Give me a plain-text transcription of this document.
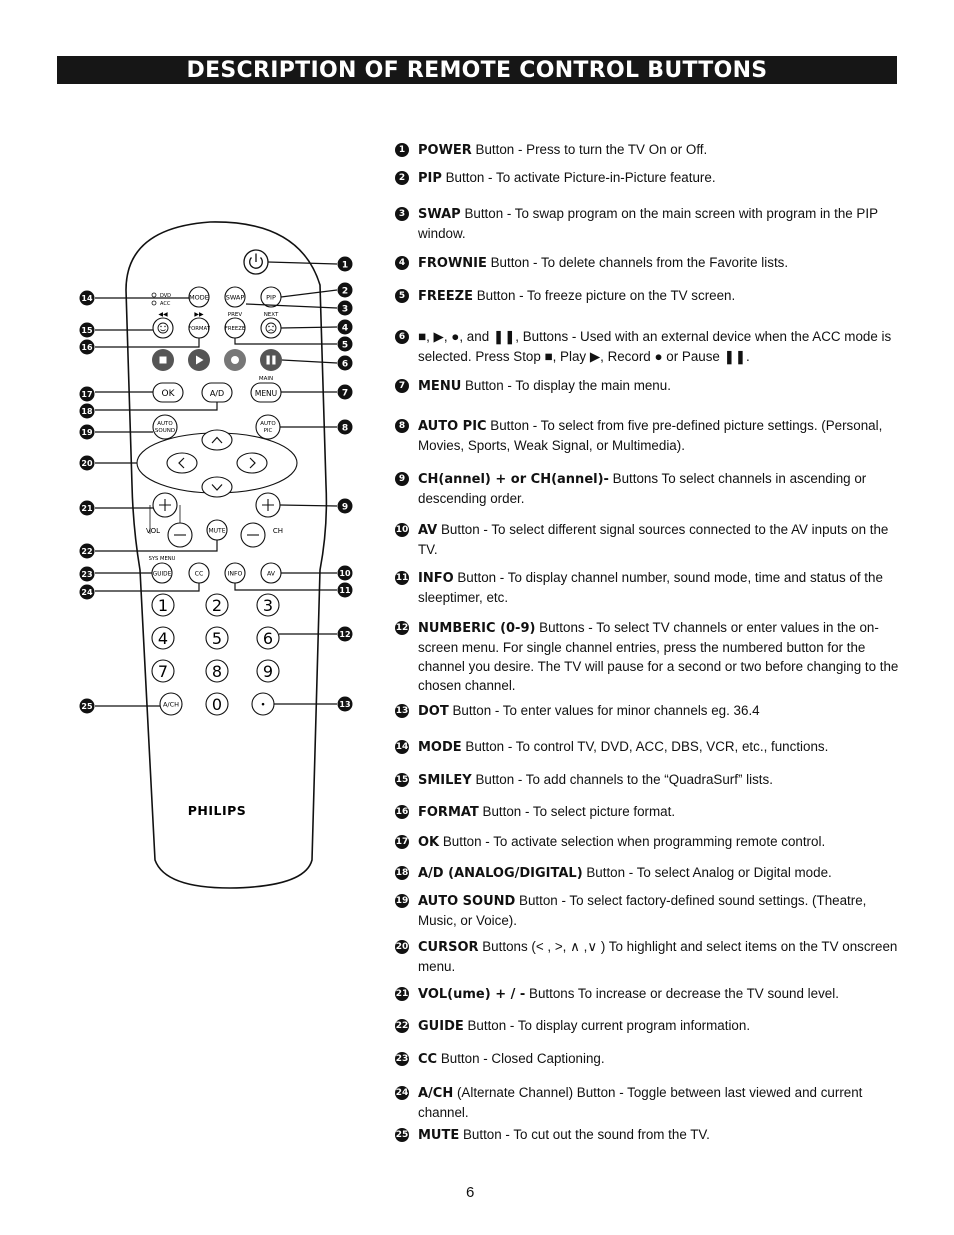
DESCRIPTION OF REMOTE CONTROL BUTTONS
DVD
ACC
MODE	SWAP	PIP
◀◀	▶▶	PREV	NEXT
FORMAT	FREEZE
MAIN
OK	A/D	MENU
AUTO
SOUND
AUTO
PIC
VOL	CH
MUTE
SYS MENU
GUIDE	CC	INFO	AV
1	2	3
4	5	6
7	8	9
A/CH 0	•
PHILIPS
1
2
3
4
5
6
7
8
9
10
11
12
13
14
15
16
17
18
19
20
21
22
23
24
25
1 POWER Button - Press to turn the TV On or Off.
2 PIP Button - To activate Picture-in-Picture feature.
3 SWAP Button - To swap program on the main screen with program in the PIP window.
4 FROWNIE Button - To delete channels from the Favorite lists.
5 FREEZE Button - To freeze picture on the TV screen.
6 ■, ▶, ●, and ❚❚, Buttons - Used with an external device when the ACC mode is selected. Press Stop ■, Play ▶, Record ● or Pause ❚❚.
7 MENU Button - To display the main menu.
8 AUTO PIC Button - To select from five pre-defined picture settings. (Personal, Movies, Sports, Weak Signal, or Multimedia).
9 CH(annel) + or CH(annel)- Buttons To select channels in ascending or descending order.
10 AV Button - To select different signal sources connected to the AV inputs on the TV.
11 INFO Button - To display channel number, sound mode, time and status of the sleeptimer, etc.
12 NUMBERIC (0-9) Buttons - To select TV channels or enter values in the on-screen menu. For single channel entries, press the numbered button for the channel you desire. The TV will pause for a second or two before changing to the chosen channel.
13 DOT Button - To enter values for minor channels eg. 36.4
14 MODE Button - To control TV, DVD, ACC, DBS, VCR, etc., functions.
15 SMILEY Button - To add channels to the “QuadraSurf” lists.
16 FORMAT Button - To select picture format.
17 OK Button - To activate selection when programming remote control.
18 A/D (ANALOG/DIGITAL) Button - To select Analog or Digital mode.
19 AUTO SOUND Button - To select factory-defined sound settings. (Theatre, Music, or Voice).
20 CURSOR Buttons (< , >, ∧ ,∨ ) To highlight and select items on the TV onscreen menu.
21 VOL(ume) + / - Buttons To increase or decrease the TV sound level.
22 GUIDE Button - To display current program information.
23 CC Button - Closed Captioning.
24 A/CH (Alternate Channel) Button - Toggle between last viewed and current channel.
25 MUTE Button - To cut out the sound from the TV.
6
